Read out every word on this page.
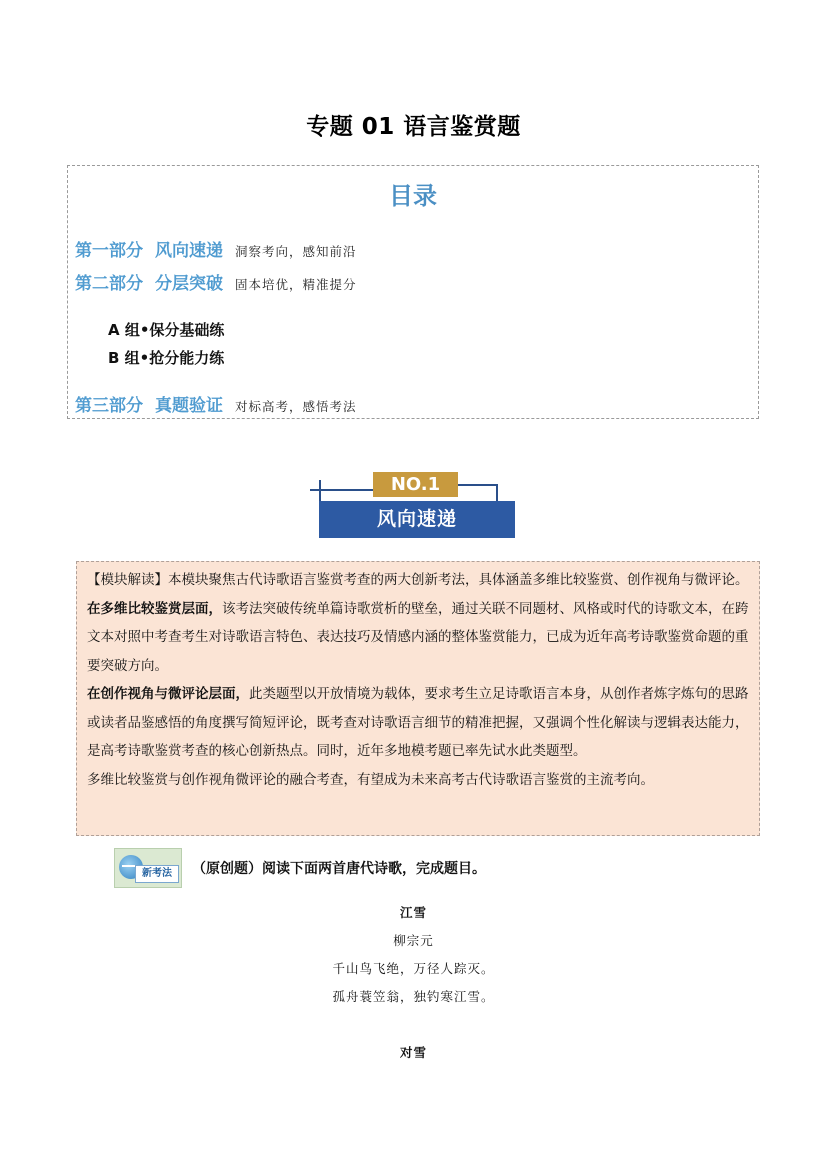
专题 01 语言鉴赏题
目录
第一部分 风向速递 洞察考向，感知前沿
第二部分 分层突破 固本培优，精准提分
A 组•保分基础练
B 组•抢分能力练
第三部分 真题验证 对标高考，感悟考法
NO.1
风向速递

【模块解读】本模块聚焦古代诗歌语言鉴赏考查的两大创新考法，具体涵盖多维比较鉴赏、创作视角与微评论。

在多维比较鉴赏层面，该考法突破传统单篇诗歌赏析的壁垒，通过关联不同题材、风格或时代的诗歌文本，在跨文本对照中考查考生对诗歌语言特色、表达技巧及情感内涵的整体鉴赏能力，已成为近年高考诗歌鉴赏命题的重要突破方向。

在创作视角与微评论层面，此类题型以开放情境为载体，要求考生立足诗歌语言本身，从创作者炼字炼句的思路或读者品鉴感悟的角度撰写简短评论，既考查对诗歌语言细节的精准把握，又强调个性化解读与逻辑表达能力，是高考诗歌鉴赏考查的核心创新热点。同时，近年多地模考题已率先试水此类题型。

多维比较鉴赏与创作视角微评论的融合考查，有望成为未来高考古代诗歌语言鉴赏的主流考向。

新考法	（原创题）阅读下面两首唐代诗歌，完成题目。
江雪
柳宗元
千山鸟飞绝，万径人踪灭。
孤舟蓑笠翁，独钓寒江雪。
对雪
